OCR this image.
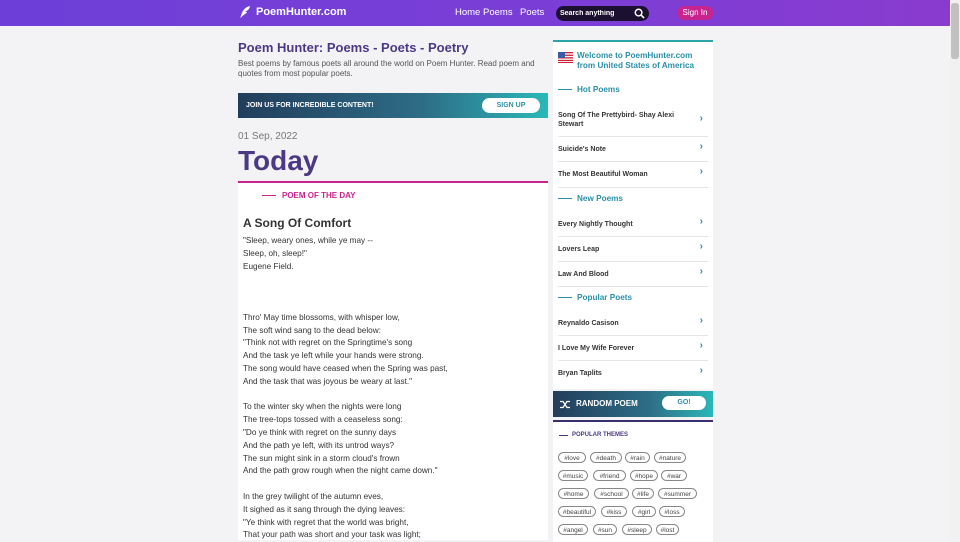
PoemHunter.com	Home Poems Poets
Search anything	Sign In
Poem Hunter: Poems - Poets - Poetry
Best poems by famous poets all around the world on Poem Hunter. Read poem and quotes from most popular poets.
JOIN US FOR INCREDIBLE CONTENT!	SIGN UP
01 Sep, 2022
Today
POEM OF THE DAY
A Song Of Comfort
"Sleep, weary ones, while ye may --
Sleep, oh, sleep!"
Eugene Field.

Thro' May time blossoms, with whisper low,
The soft wind sang to the dead below:
"Think not with regret on the Springtime's song
And the task ye left while your hands were strong.
The song would have ceased when the Spring was past,
And the task that was joyous be weary at last."

To the winter sky when the nights were long
The tree-tops tossed with a ceaseless song:
"Do ye think with regret on the sunny days
And the path ye left, with its untrod ways?
The sun might sink in a storm cloud's frown
And the path grow rough when the night came down."

In the grey twilight of the autumn eves,
It sighed as it sang through the dying leaves:
"Ye think with regret that the world was bright,
That your path was short and your task was light;
Welcome to PoemHunter.com from United States of America
Hot Poems
Song Of The Prettybird- Shay Alexi Stewart
›
Suicide's Note	›
The Most Beautiful Woman	›
New Poems
Every Nightly Thought	›
Lovers Leap	›
Law And Blood	›
Popular Poets
Reynaldo Casison	›
I Love My Wife Forever	›
Bryan Taplits	›
RANDOM POEM	GO!
POPULAR THEMES
#love	#death	#rain	#nature
#music	#friend	#hope	#war
#home	#school	#life	#summer
#beautiful	#kiss	#girl	#loss
#angel	#sun	#sleep	#lost
